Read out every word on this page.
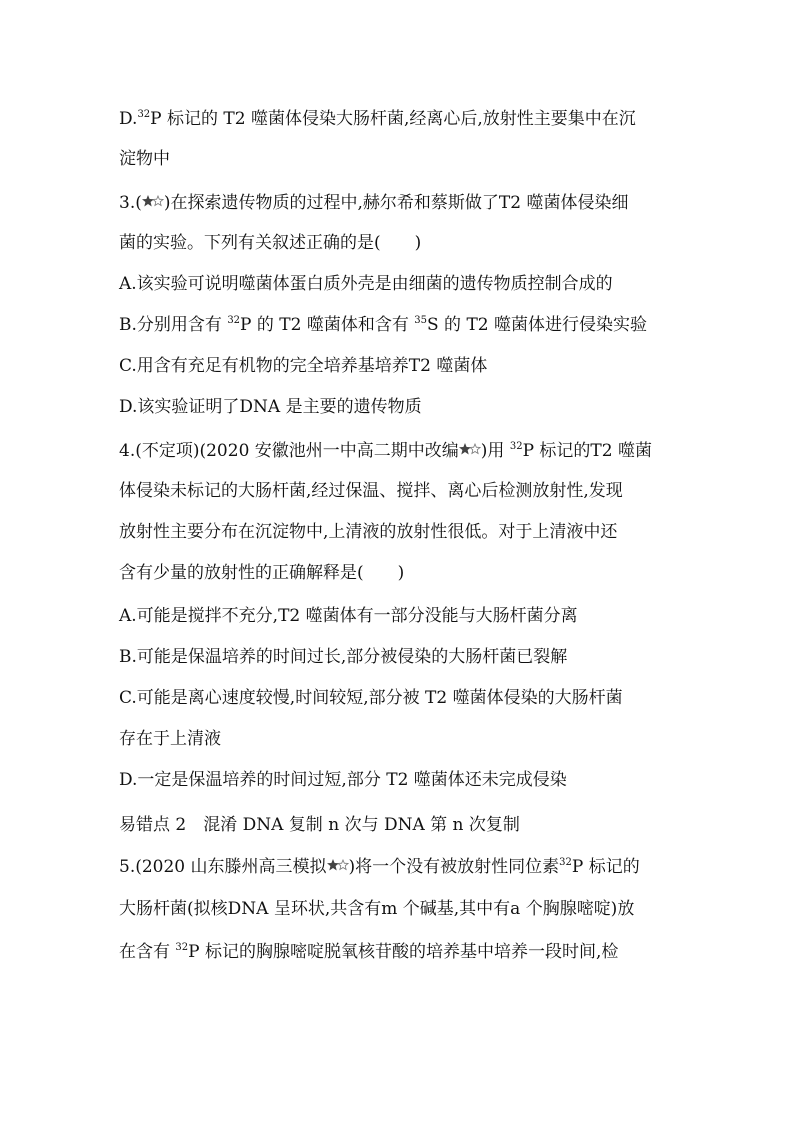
D.$^{32}$P 标记的 T2 噬菌体侵染大肠杆菌,经离心后,放射性主要集中在沉
淀物中
3.( )在探索遗传物质的过程中,赫尔希和蔡斯做了T2 噬菌体侵染细
菌的实验。下列有关叙述正确的是(　　)
A.该实验可说明噬菌体蛋白质外壳是由细菌的遗传物质控制合成的
B.分别用含有 $^{32}$P 的 T2 噬菌体和含有 $^{35}$S 的 T2 噬菌体进行侵染实验
C.用含有充足有机物的完全培养基培养T2 噬菌体
D.该实验证明了DNA 是主要的遗传物质
4.(不定项)(2020 安徽池州一中高二期中改编 )用 $^{32}$P 标记的T2 噬菌
体侵染未标记的大肠杆菌,经过保温、搅拌、离心后检测放射性,发现
放射性主要分布在沉淀物中,上清液的放射性很低。对于上清液中还
含有少量的放射性的正确解释是(　　)
A.可能是搅拌不充分,T2 噬菌体有一部分没能与大肠杆菌分离
B.可能是保温培养的时间过长,部分被侵染的大肠杆菌已裂解
C.可能是离心速度较慢,时间较短,部分被 T2 噬菌体侵染的大肠杆菌
存在于上清液
D.一定是保温培养的时间过短,部分 T2 噬菌体还未完成侵染
易错点 2　混淆 DNA 复制 n 次与 DNA 第 n 次复制
5.(2020 山东滕州高三模拟 )将一个没有被放射性同位素$^{32}$P 标记的
大肠杆菌(拟核DNA 呈环状,共含有m 个碱基,其中有a 个胸腺嘧啶)放
在含有 $^{32}$P 标记的胸腺嘧啶脱氧核苷酸的培养基中培养一段时间,检
